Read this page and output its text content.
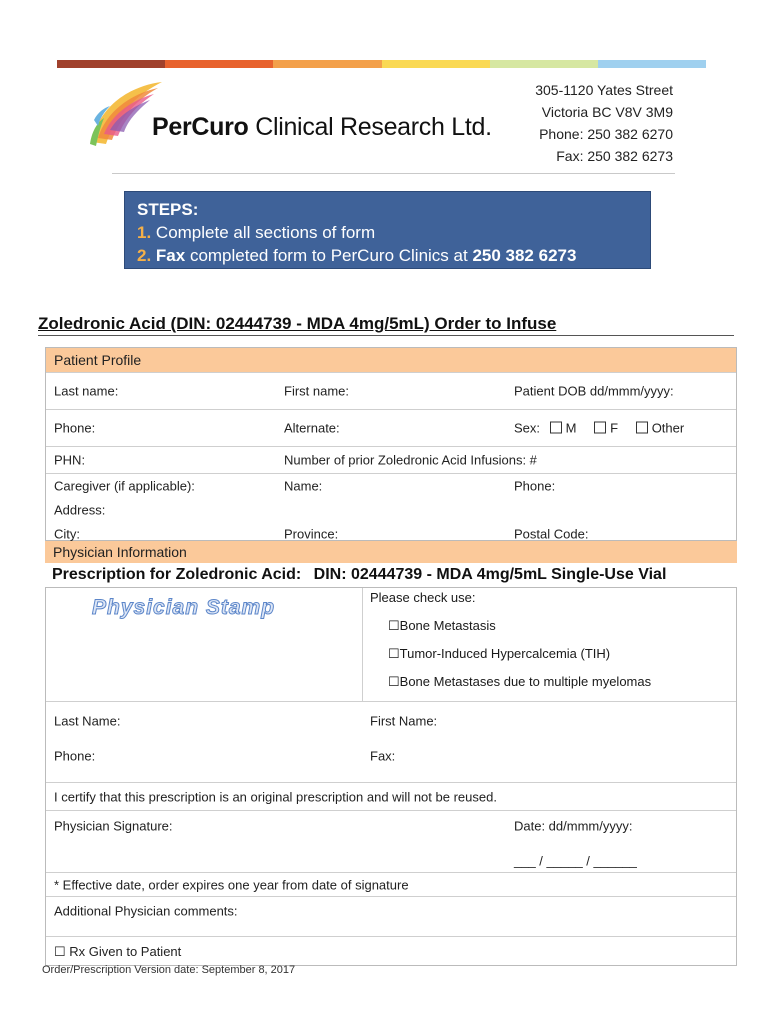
PerCuro Clinical Research Ltd.
305-1120 Yates Street
Victoria BC V8V 3M9
Phone: 250 382 6270
Fax: 250 382 6273
STEPS:
1. Complete all sections of form
2. Fax completed form to PerCuro Clinics at 250 382 6273
Zoledronic Acid (DIN: 02444739 - MDA 4mg/5mL) Order to Infuse
Patient Profile
Last name:	First name:	Patient DOB dd/mmm/yyyy:
Phone:	Alternate:	Sex: M	F	Other
PHN:	Number of prior Zoledronic Acid Infusions: #
Caregiver (if applicable):	Name:	Phone:
Address:
City:	Province:	Postal Code:
Physician Information
Prescription for Zoledronic Acid: DIN: 02444739 - MDA 4mg/5mL Single-Use Vial
Please check use:
☐Bone Metastasis
☐Tumor-Induced Hypercalcemia (TIH)
☐Bone Metastases due to multiple myelomas
Last Name:	First Name:
Phone:	Fax:
I certify that this prescription is an original prescription and will not be reused.
Physician Signature:	Date: dd/mmm/yyyy:
___ / _____ / ______
* Effective date, order expires one year from date of signature
Additional Physician comments:
☐ Rx Given to Patient
Physician Stamp
Order/Prescription Version date: September 8, 2017
